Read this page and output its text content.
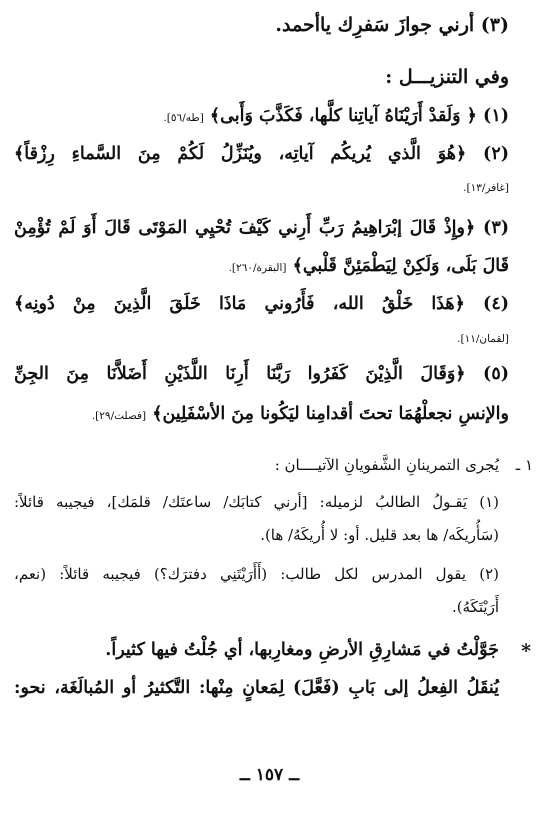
(٣) أرني جوازَ سَفرِك ياأحمد.
وفي التنزيـــل :
(١) ﴿ وَلَقدْ أَرَيْنَاهُ آياتِنا كلَّها، فَكَذَّبَ وَأَبى﴾ [طه/٥٦].
(٢) ﴿هُوَ الَّذي يُريكُم آياتِه، ويُنَزِّلُ لَكُمْ مِنَ السَّماءِ رِزْقاً﴾
[غافر/١٣].
(٣) ﴿وإِذْ قَالَ إبْرَاهِيمُ رَبِّ أَرِني كَيْفَ تُحْيِي المَوْتَى قَالَ أَوَ لَمْ تُؤْمِنْ
قَالَ بَلَى، وَلَكِنْ لِيَطْمَئِنَّ قَلْبي﴾ [البقرة/٢٦٠].
(٤) ﴿هَذَا خَلْقُ الله، فَأَرُوني مَاذَا خَلَقَ الَّذِينَ مِنْ دُونِه﴾
[لقمان/١١].
(٥) ﴿وَقَالَ الَّذِيْنَ كَفَرُوا رَبَّنَا أَرِنَا اللَّذَيْنِ أَضَلاَّنَا مِنَ الجِنِّ
والإنسِ نجعلْهُمَا تحتَ أقدامِنا ليَكُونا مِنَ الأسْفَلِين﴾ [فصلت/٢٩].
١ ـ
يُجرى التمرينانِ الشَّفويانِ الآتيــــان :
(١) يَقـولُ الطالبُ لزميله: [أرني كتابَك/ ساعتَك/ قلمَك]، فيجيبه قائلاً:
(سَأُريكَه/ ها بعد قليل. أو: لا أُريكَهُ/ ها).
(٢) يقول المدرس لكل طالب: (أَأَرَيْتَنِي دفترَك؟) فيجيبه قائلاً: (نعم،
أَرَيْتَكَهُ).
*
جَوَّلْتُ في مَشارِقِ الأرضِ ومغارِبها، أي جُلْتُ فيها كثيراً.
يُنقَلُ الفِعلُ إلى بَابِ (فَعَّلَ) لِمَعانٍ مِنْها: التَّكثيرُ أو المُبالَغَة، نحو:
ــ ١٥٧ ــ
